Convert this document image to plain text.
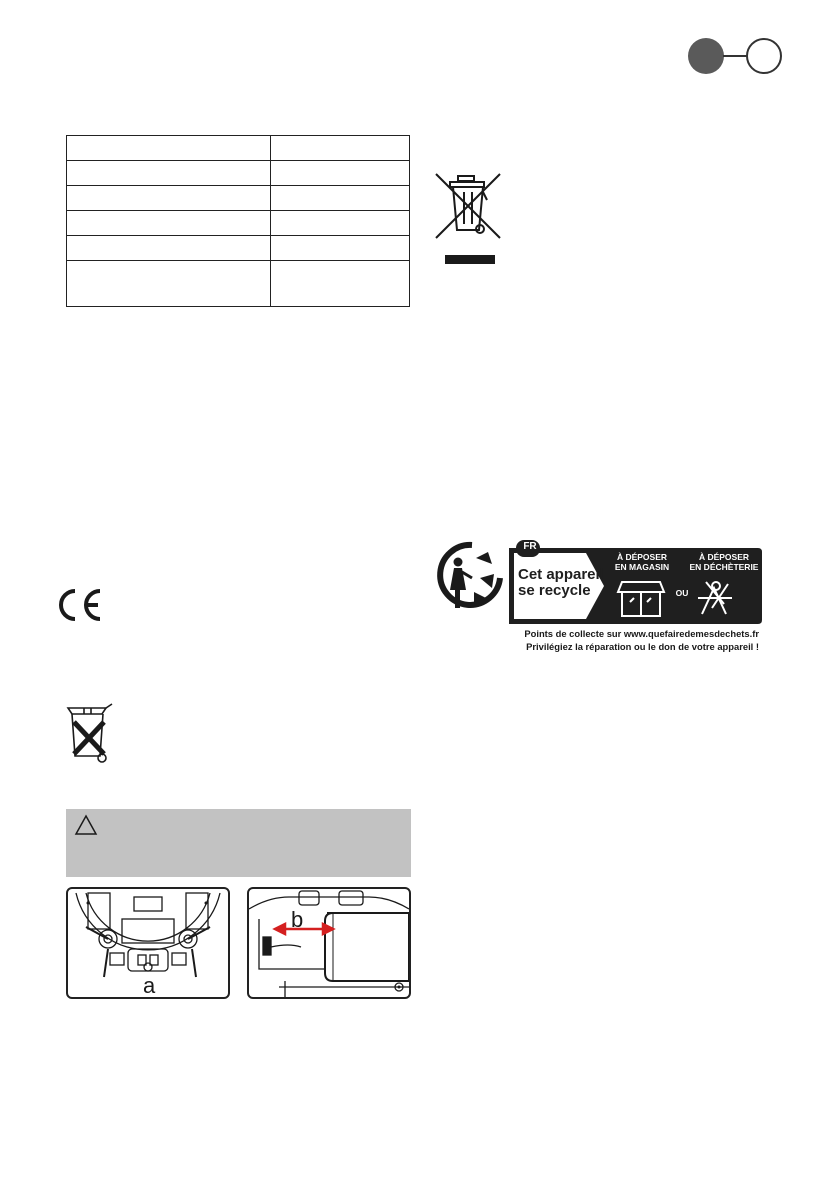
FR
Cet appareil
se recycle
À DÉPOSER
EN MAGASIN
OU
À DÉPOSER
EN DÉCHÈTERIE
Points de collecte sur www.quefairedemesdechets.fr
Privilégiez la réparation ou le don de votre appareil !
a
b
